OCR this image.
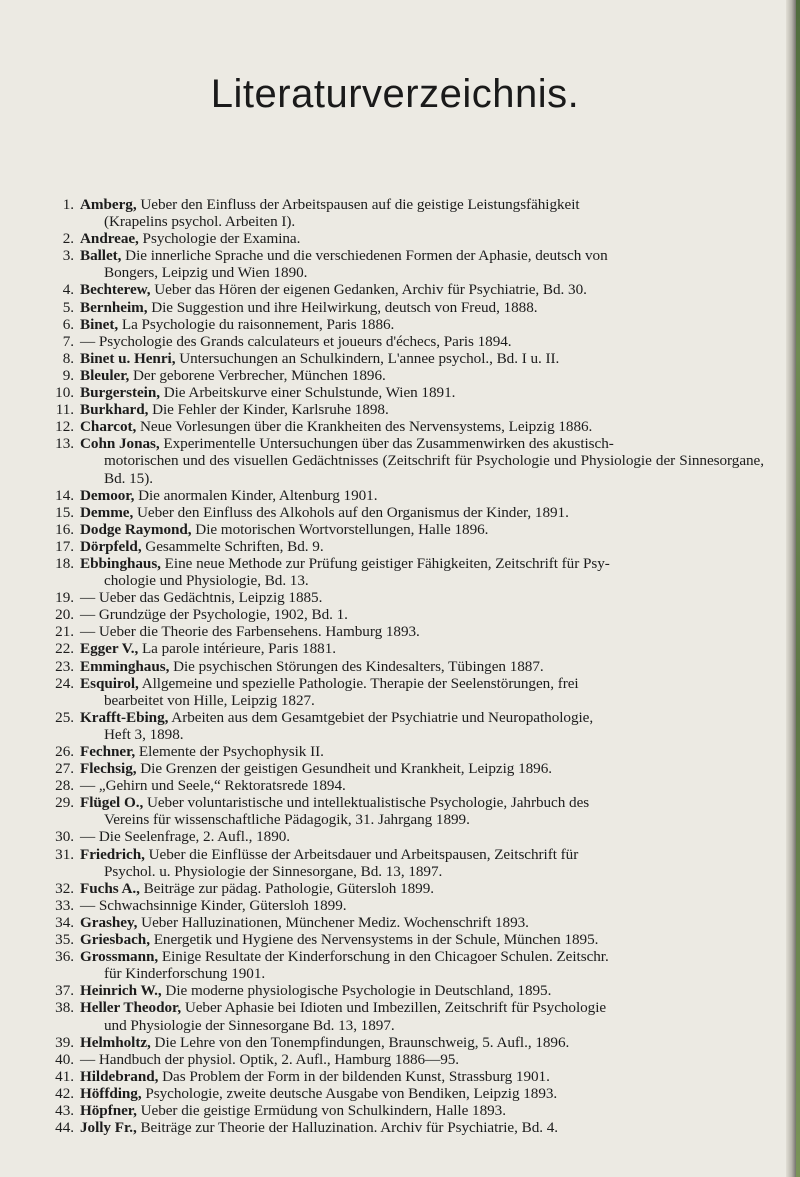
Literaturverzeichnis.
1 . Amberg, Ueber den Einfluss der Arbeitspausen auf die geistige Leistungsfähigkeit
(Krapelins psychol. Arbeiten I).
2 . Andreae, Psychologie der Examina.
3 . Ballet, Die innerliche Sprache und die verschiedenen Formen der Aphasie, deutsch von
Bongers, Leipzig und Wien 1890.
4 . Bechterew, Ueber das Hören der eigenen Gedanken, Archiv für Psychiatrie, Bd. 30.
5 . Bernheim, Die Suggestion und ihre Heilwirkung, deutsch von Freud, 1888.
6 . Binet, La Psychologie du raisonnement, Paris 1886.
7 . — Psychologie des Grands calculateurs et joueurs d'échecs, Paris 1894.
8 . Binet u. Henri, Untersuchungen an Schulkindern, L'annee psychol., Bd. I u. II.
9 . Bleuler, Der geborene Verbrecher, München 1896.
10 . Burgerstein, Die Arbeitskurve einer Schulstunde, Wien 1891.
11 . Burkhard, Die Fehler der Kinder, Karlsruhe 1898.
12 . Charcot, Neue Vorlesungen über die Krankheiten des Nervensystems, Leipzig 1886.
13 . Cohn Jonas, Experimentelle Untersuchungen über das Zusammenwirken des akustisch-
motorischen und des visuellen Gedächtnisses (Zeitschrift für Psychologie und Physiologie der Sinnesorgane, Bd. 15).
14 . Demoor, Die anormalen Kinder, Altenburg 1901.
15 . Demme, Ueber den Einfluss des Alkohols auf den Organismus der Kinder, 1891.
16 . Dodge Raymond, Die motorischen Wortvorstellungen, Halle 1896.
17 . Dörpfeld, Gesammelte Schriften, Bd. 9.
18 . Ebbinghaus, Eine neue Methode zur Prüfung geistiger Fähigkeiten, Zeitschrift für Psy-
chologie und Physiologie, Bd. 13.
19 . — Ueber das Gedächtnis, Leipzig 1885.
20 . — Grundzüge der Psychologie, 1902, Bd. 1.
21 . — Ueber die Theorie des Farbensehens. Hamburg 1893.
22 . Egger V., La parole intérieure, Paris 1881.
23 . Emminghaus, Die psychischen Störungen des Kindesalters, Tübingen 1887.
24 . Esquirol, Allgemeine und spezielle Pathologie. Therapie der Seelenstörungen, frei
bearbeitet von Hille, Leipzig 1827.
25 . Krafft-Ebing, Arbeiten aus dem Gesamtgebiet der Psychiatrie und Neuropathologie,
Heft 3, 1898.
26 . Fechner, Elemente der Psychophysik II.
27 . Flechsig, Die Grenzen der geistigen Gesundheit und Krankheit, Leipzig 1896.
28 . — „Gehirn und Seele,“ Rektoratsrede 1894.
29 . Flügel O., Ueber voluntaristische und intellektualistische Psychologie, Jahrbuch des
Vereins für wissenschaftliche Pädagogik, 31. Jahrgang 1899.
30 . — Die Seelenfrage, 2. Aufl., 1890.
31 . Friedrich, Ueber die Einflüsse der Arbeitsdauer und Arbeitspausen, Zeitschrift für
Psychol. u. Physiologie der Sinnesorgane, Bd. 13, 1897.
32 . Fuchs A., Beiträge zur pädag. Pathologie, Gütersloh 1899.
33 . — Schwachsinnige Kinder, Gütersloh 1899.
34 . Grashey, Ueber Halluzinationen, Münchener Mediz. Wochenschrift 1893.
35 . Griesbach, Energetik und Hygiene des Nervensystems in der Schule, München 1895.
36 . Grossmann, Einige Resultate der Kinderforschung in den Chicagoer Schulen. Zeitschr.
für Kinderforschung 1901.
37 . Heinrich W., Die moderne physiologische Psychologie in Deutschland, 1895.
38 . Heller Theodor, Ueber Aphasie bei Idioten und Imbezillen, Zeitschrift für Psychologie
und Physiologie der Sinnesorgane Bd. 13, 1897.
39 . Helmholtz, Die Lehre von den Tonempfindungen, Braunschweig, 5. Aufl., 1896.
40 . — Handbuch der physiol. Optik, 2. Aufl., Hamburg 1886—95.
41 . Hildebrand, Das Problem der Form in der bildenden Kunst, Strassburg 1901.
42 . Höffding, Psychologie, zweite deutsche Ausgabe von Bendiken, Leipzig 1893.
43 . Höpfner, Ueber die geistige Ermüdung von Schulkindern, Halle 1893.
44 . Jolly Fr., Beiträge zur Theorie der Halluzination. Archiv für Psychiatrie, Bd. 4.
